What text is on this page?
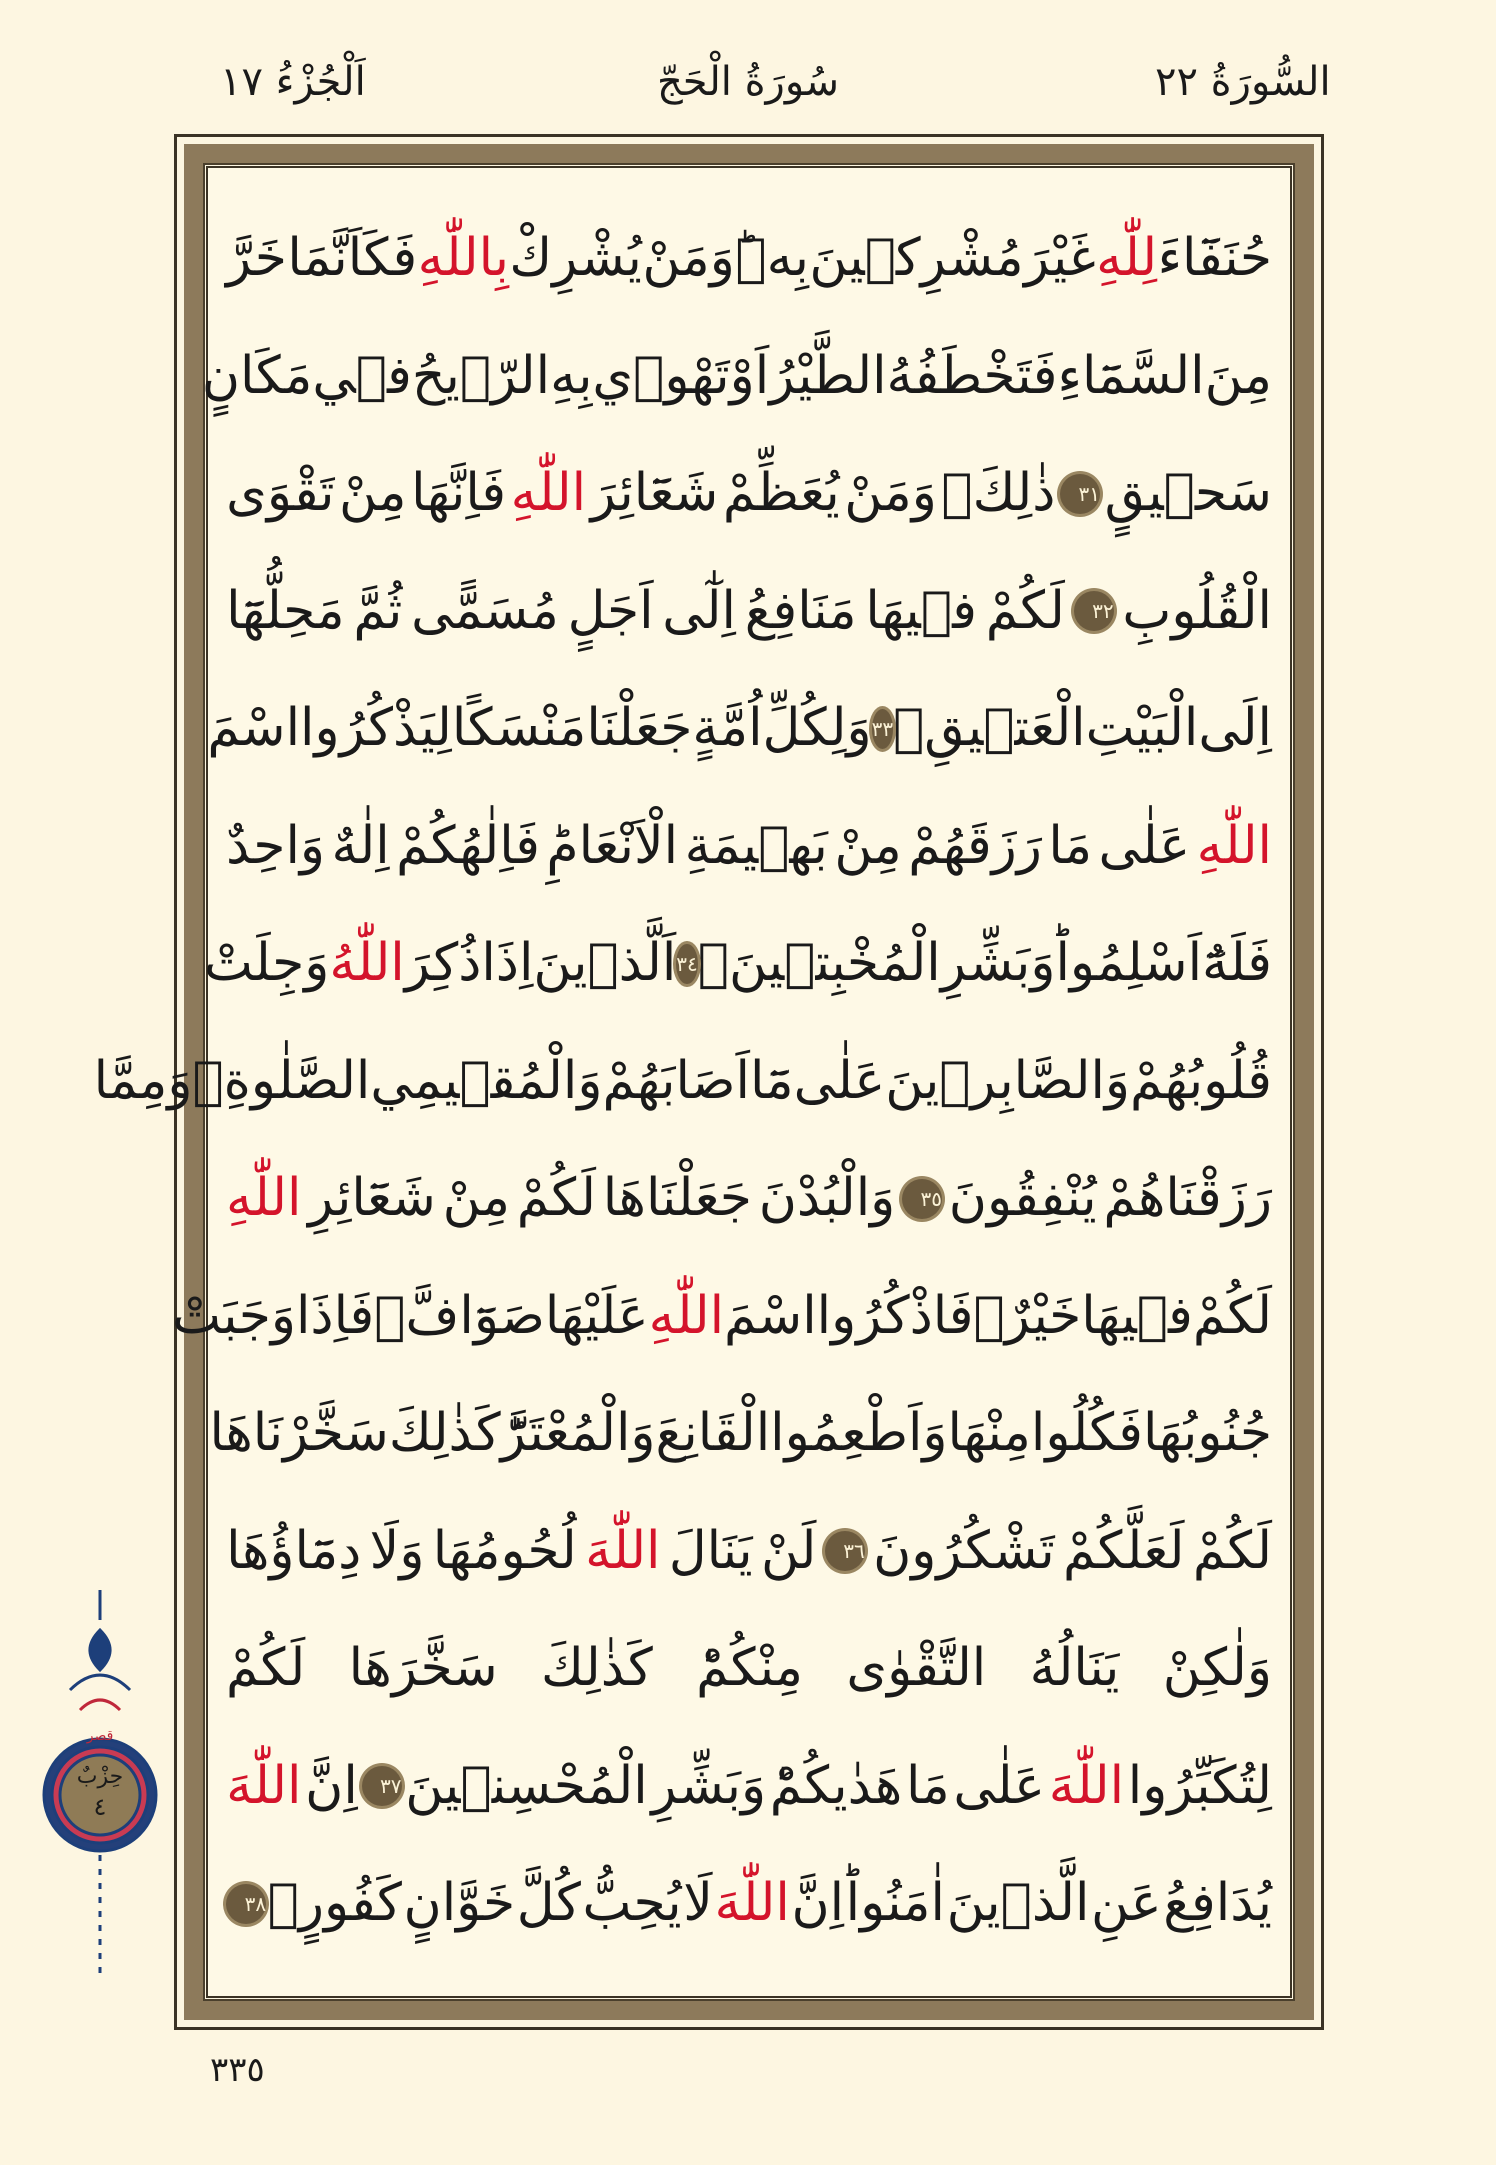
السُّورَةُ ٢٢
سُورَةُ الْحَجّ
اَلْجُزْءُ ١٧
حُنَفَٓاءَ
لِلّٰهِ
غَيْرَ
مُشْرِك۪ينَ
بِه۪ؕ
وَمَنْ
يُشْرِكْ
بِاللّٰهِ
فَكَاَنَّمَا
خَرَّ
مِنَ
السَّمَٓاءِ
فَتَخْطَفُهُ
الطَّيْرُ
اَوْ
تَهْو۪ي
بِهِ
الرّ۪يحُ
ف۪ي
مَكَانٍ
سَح۪يقٍ
٣١
ذٰلِكَۗ
وَمَنْ
يُعَظِّمْ
شَعَٓائِرَ
اللّٰهِ
فَاِنَّهَا
مِنْ
تَقْوَى
الْقُلُوبِ
٣٢
لَكُمْ
ف۪يهَا
مَنَافِعُ
اِلٰٓى
اَجَلٍ
مُسَمًّى
ثُمَّ
مَحِلُّهَٓا
اِلَى
الْبَيْتِ
الْعَت۪يقِ۟
٣٣
وَلِكُلِّ
اُمَّةٍ
جَعَلْنَا
مَنْسَكًا
لِيَذْكُرُوا
اسْمَ
اللّٰهِ
عَلٰى
مَا
رَزَقَهُمْ
مِنْ
بَه۪يمَةِ
الْاَنْعَامِؕ
فَاِلٰهُكُمْ
اِلٰهٌ
وَاحِدٌ
فَلَهُٓ
اَسْلِمُواؕ
وَبَشِّرِ
الْمُخْبِت۪ينَۙ
٣٤
اَلَّذ۪ينَ
اِذَا
ذُكِرَ
اللّٰهُ
وَجِلَتْ
قُلُوبُهُمْ
وَالصَّابِر۪ينَ
عَلٰى
مَٓا
اَصَابَهُمْ
وَالْمُق۪يمِي
الصَّلٰوةِۙ
وَمِمَّا
رَزَقْنَاهُمْ
يُنْفِقُونَ
٣٥
وَالْبُدْنَ
جَعَلْنَاهَا
لَكُمْ
مِنْ
شَعَٓائِرِ
اللّٰهِ
لَكُمْ
ف۪يهَا
خَيْرٌۗ
فَاذْكُرُوا
اسْمَ
اللّٰهِ
عَلَيْهَا
صَوَٓافَّۚ
فَاِذَا
وَجَبَتْ
جُنُوبُهَا
فَكُلُوا
مِنْهَا
وَاَطْعِمُوا
الْقَانِعَ
وَالْمُعْتَرَّؕ
كَذٰلِكَ
سَخَّرْنَاهَا
لَكُمْ
لَعَلَّكُمْ
تَشْكُرُونَ
٣٦
لَنْ
يَنَالَ
اللّٰهَ
لُحُومُهَا
وَلَا
دِمَٓاؤُهَا
وَلٰكِنْ
يَنَالُهُ
التَّقْوٰى
مِنْكُمْؕ
كَذٰلِكَ
سَخَّرَهَا
لَكُمْ
لِتُكَبِّرُوا
اللّٰهَ
عَلٰى
مَا
هَدٰيكُمْؕ
وَبَشِّرِ
الْمُحْسِن۪ينَ
٣٧
اِنَّ
اللّٰهَ
يُدَافِعُ
عَنِ
الَّذ۪ينَ
اٰمَنُواؕ
اِنَّ
اللّٰهَ
لَا
يُحِبُّ
كُلَّ
خَوَّانٍ
كَفُورٍ۟
٣٨
حِزْبٌ
٤
قصر
٣٣٥
